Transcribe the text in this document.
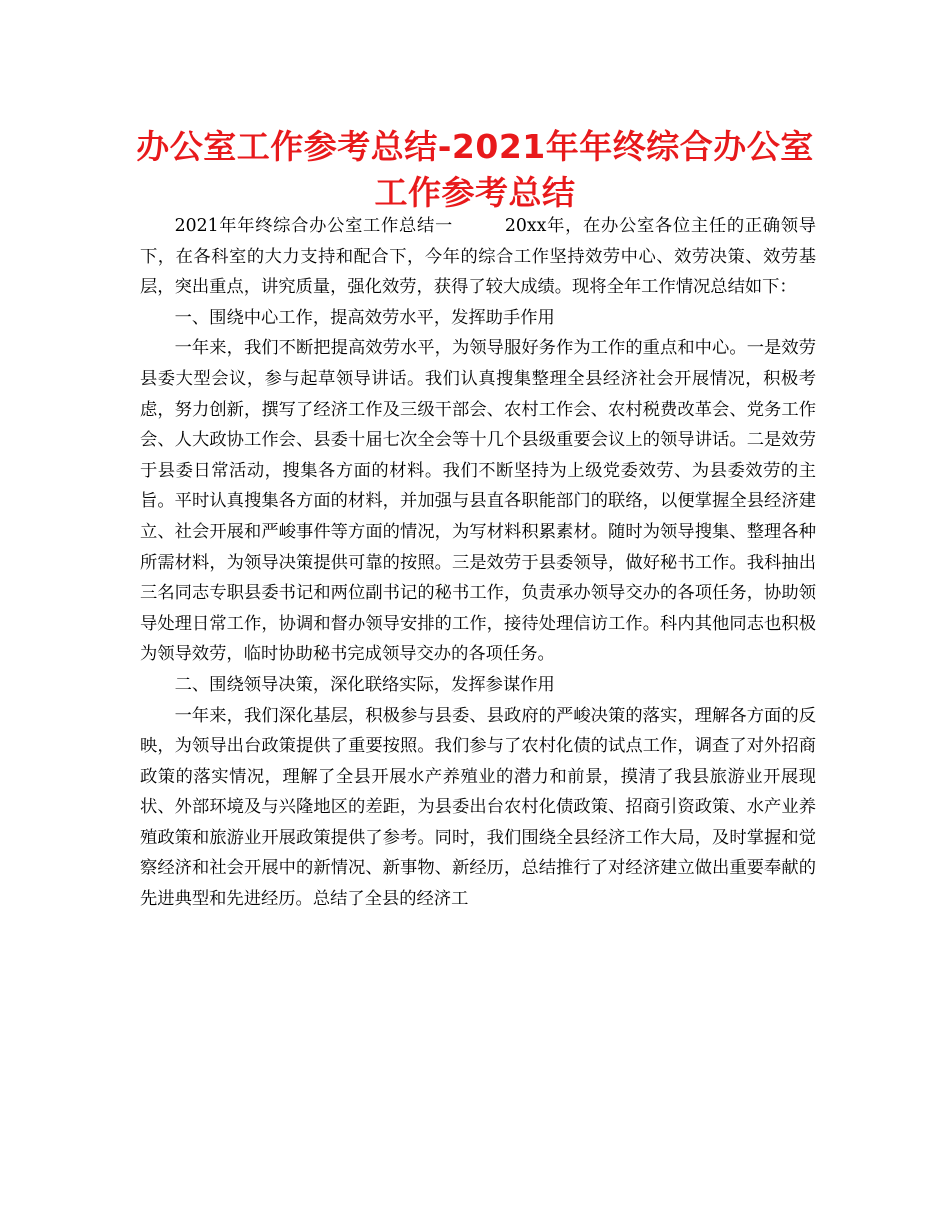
办公室工作参考总结-2021年年终综合办公室工作参考总结

2021年年终综合办公室工作总结一	20xx年，在办公室各位主任的正确领导下，在各科室的大力支持和配合下，今年的综合工作坚持效劳中心、效劳决策、效劳基层，突出重点，讲究质量，强化效劳，获得了较大成绩。现将全年工作情况总结如下：

一、围绕中心工作，提高效劳水平，发挥助手作用

一年来，我们不断把提高效劳水平，为领导服好务作为工作的重点和中心。一是效劳县委大型会议，参与起草领导讲话。我们认真搜集整理全县经济社会开展情况，积极考虑，努力创新，撰写了经济工作及三级干部会、农村工作会、农村税费改革会、党务工作会、人大政协工作会、县委十届七次全会等十几个县级重要会议上的领导讲话。二是效劳于县委日常活动，搜集各方面的材料。我们不断坚持为上级党委效劳、为县委效劳的主旨。平时认真搜集各方面的材料，并加强与县直各职能部门的联络，以便掌握全县经济建立、社会开展和严峻事件等方面的情况，为写材料积累素材。随时为领导搜集、整理各种所需材料，为领导决策提供可靠的按照。三是效劳于县委领导，做好秘书工作。我科抽出三名同志专职县委书记和两位副书记的秘书工作，负责承办领导交办的各项任务，协助领导处理日常工作，协调和督办领导安排的工作，接待处理信访工作。科内其他同志也积极为领导效劳，临时协助秘书完成领导交办的各项任务。

二、围绕领导决策，深化联络实际，发挥参谋作用

一年来，我们深化基层，积极参与县委、县政府的严峻决策的落实，理解各方面的反映，为领导出台政策提供了重要按照。我们参与了农村化债的试点工作，调查了对外招商政策的落实情况，理解了全县开展水产养殖业的潜力和前景，摸清了我县旅游业开展现状、外部环境及与兴隆地区的差距，为县委出台农村化债政策、招商引资政策、水产业养殖政策和旅游业开展政策提供了参考。同时，我们围绕全县经济工作大局，及时掌握和觉察经济和社会开展中的新情况、新事物、新经历，总结推行了对经济建立做出重要奉献的先进典型和先进经历。总结了全县的经济工
